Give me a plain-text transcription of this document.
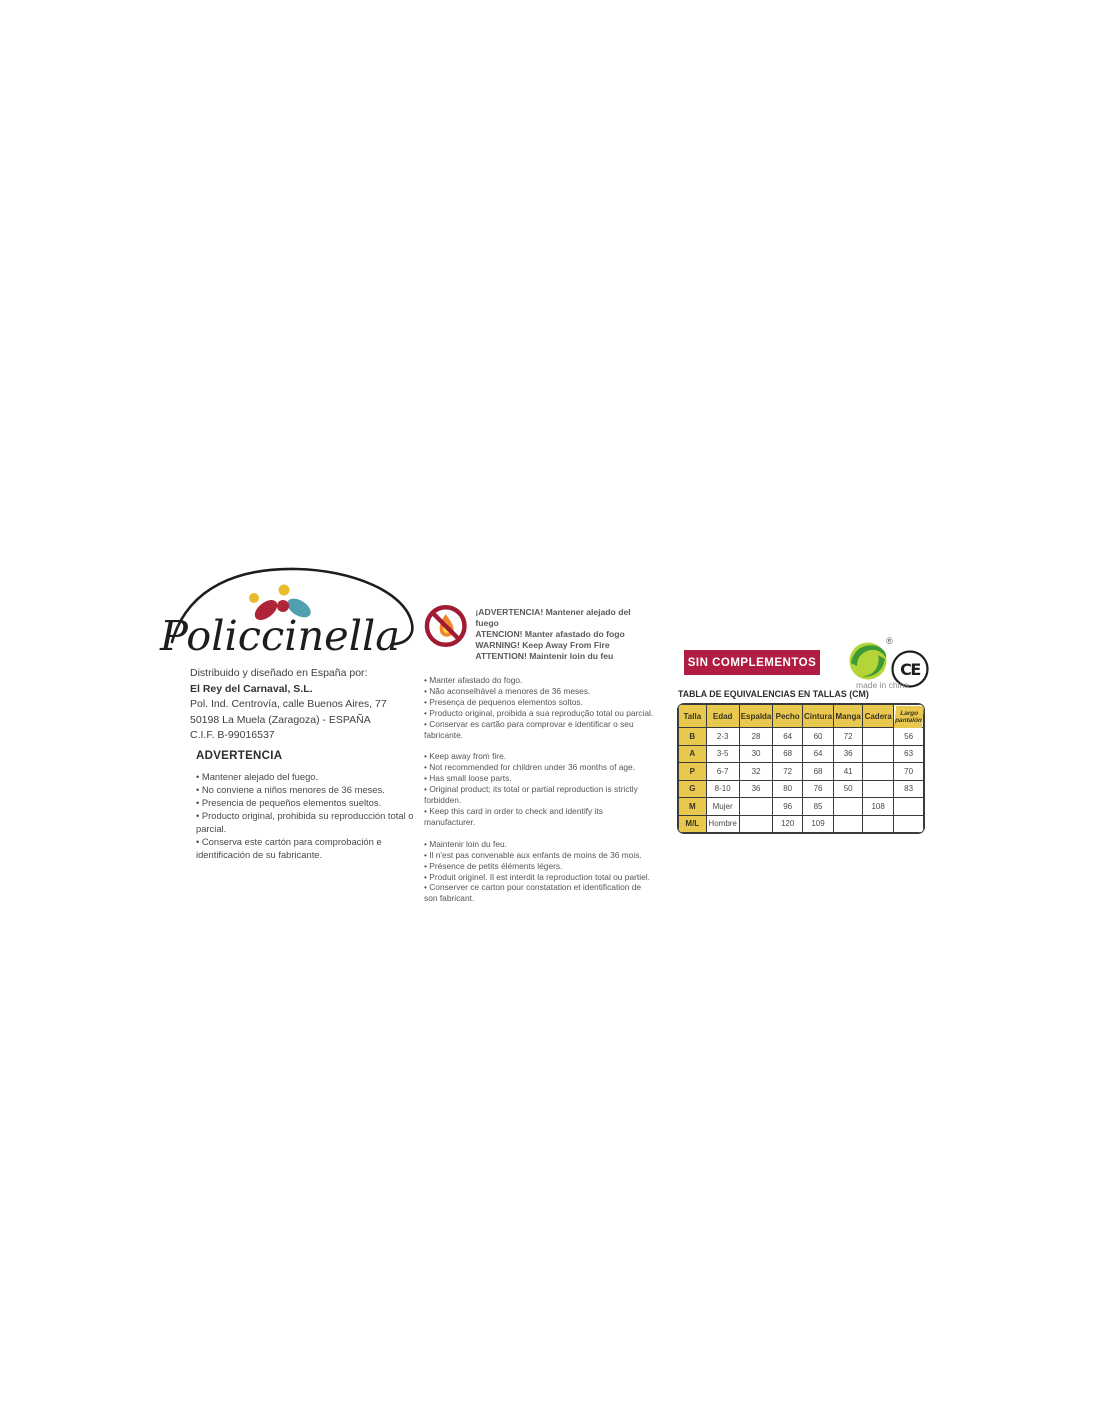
Policcinella
Distribuido y diseñado en España por:
El Rey del Carnaval, S.L.
Pol. Ind. Centrovía, calle Buenos Aires, 77
50198 La Muela (Zaragoza) - ESPAÑA
C.I.F. B-99016537
ADVERTENCIA
• Mantener alejado del fuego.
• No conviene a niños menores de 36 meses.
• Presencia de pequeños elementos sueltos.
• Producto original, prohibida su reproducción total o parcial.
• Conserva este cartón para comprobación e identificación de su fabricante.
¡ADVERTENCIA! Mantener alejado del fuego
ATENCION! Manter afastado do fogo
WARNING! Keep Away From Fire
ATTENTION! Maintenir loin du feu
• Manter afastado do fogo.
• Não aconselhável a menores de 36 meses.
• Presença de pequenos elementos soltos.
• Producto original, proibida a sua reprodução total ou parcial.
• Conservar es cartão para comprovar e identificar o seu fabricante.
• Keep away from fire.
• Not recommended for children under 36 months of age.
• Has small loose parts.
• Original product; its total or partial reproduction is strictly forbidden.
• Keep this card in order to check and identify its manufacturer.
• Maintenir loin du feu.
• Il n'est pas convenable aux enfants de moins de 36 mois.
• Présence de petits éléments légers.
• Produit originel. Il est interdit la reproduction total ou partiel.
• Conserver ce carton pour constatation et identification de son fabricant.
SIN COMPLEMENTOS
®
CE
made in china
TABLA DE EQUIVALENCIAS EN TALLAS (CM)
Talla	Edad	Espalda	Pecho	Cintura	Manga	Cadera	Largo pantalón
B	2-3	28	64	60	72		56
A	3-5	30	68	64	36		63
P	6-7	32	72	68	41		70
G	8-10	36	80	76	50		83
M	Mujer		96	85		108	
M/L	Hombre		120	109			
